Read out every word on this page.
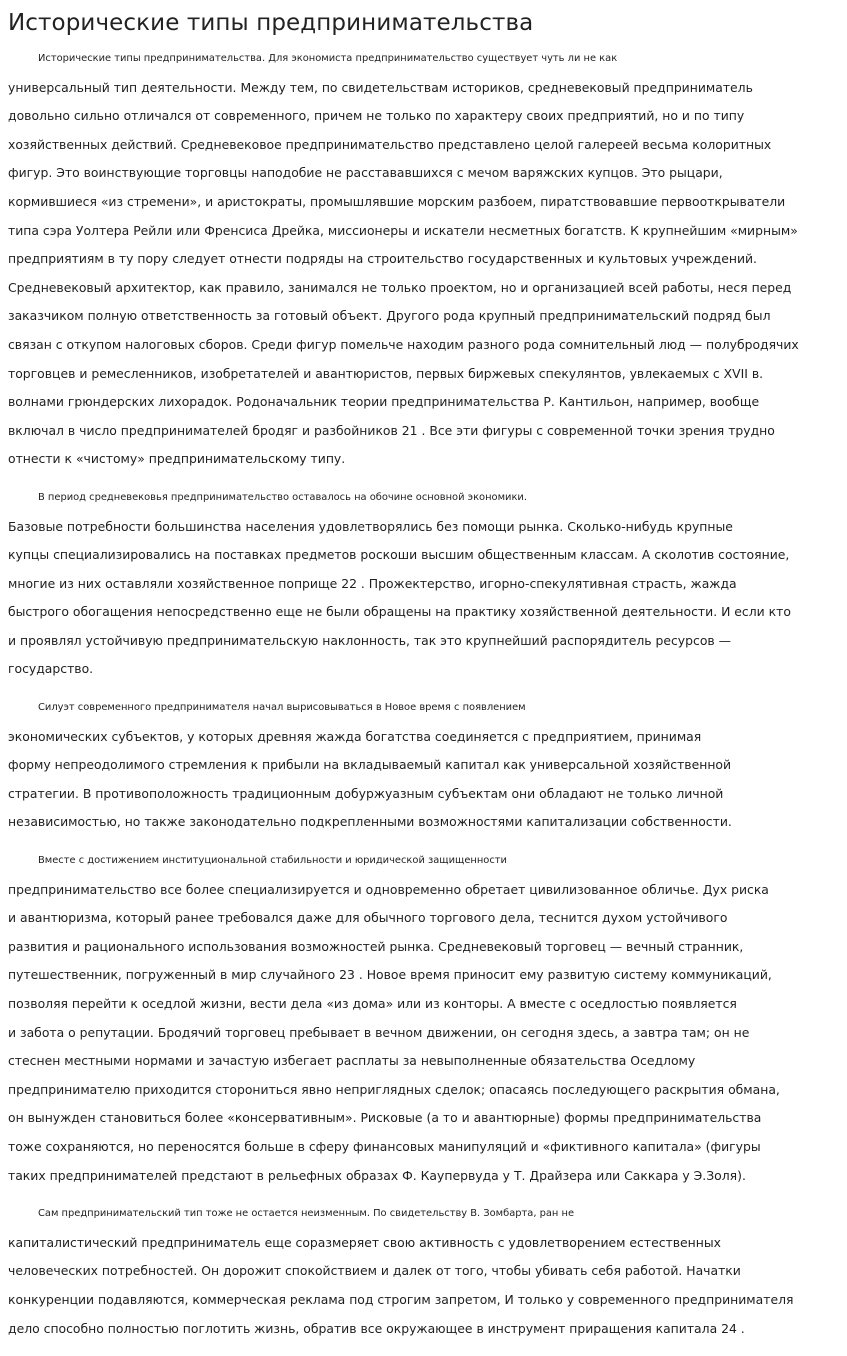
Исторические типы предпринимательства
Исторические типы предпринимательства. Для экономиста предпринимательство существует чуть ли не как
универсальный тип деятельности. Между тем, по свидетельствам историков, средневековый предприниматель
довольно сильно отличался от современного, причем не только по характеру своих предприятий, но и по типу
хозяйственных действий. Средневековое предпринимательство представлено целой галереей весьма колоритных
фигур. Это воинствующие торговцы наподобие не расстававшихся с мечом варяжских купцов. Это рыцари,
кормившиеся «из стремени», и аристократы, промышлявшие морским разбоем, пиратствовавшие первооткрыватели
типа сэра Уолтера Рейли или Френсиса Дрейка, миссионеры и искатели несметных богатств. К крупнейшим «мирным»
предприятиям в ту пору следует отнести подряды на строительство государственных и культовых учреждений.
Средневековый архитектор, как правило, занимался не только проектом, но и организацией всей работы, неся перед
заказчиком полную ответственность за готовый объект. Другого рода крупный предпринимательский подряд был
связан с откупом налоговых сборов. Среди фигур помельче находим разного рода сомнительный люд — полубродячих
торговцев и ремесленников, изобретателей и авантюристов, первых биржевых спекулянтов, увлекаемых с XVII в.
волнами грюндерских лихорадок. Родоначальник теории предпринимательства Р. Кантильон, например, вообще
включал в число предпринимателей бродяг и разбойников 21 . Все эти фигуры с современной точки зрения трудно
отнести к «чистому» предпринимательскому типу.
В период средневековья предпринимательство оставалось на обочине основной экономики.
Базовые потребности большинства населения удовлетворялись без помощи рынка. Сколько-нибудь крупные
купцы специализировались на поставках предметов роскоши высшим общественным классам. А сколотив состояние,
многие из них оставляли хозяйственное поприще 22 . Прожектерство, игорно-спекулятивная страсть, жажда
быстрого обогащения непосредственно еще не были обращены на практику хозяйственной деятельности. И если кто
и проявлял устойчивую предпринимательскую наклонность, так это крупнейший распорядитель ресурсов —
государство.
Силуэт современного предпринимателя начал вырисовываться в Новое время с появлением
экономических субъектов, у которых древняя жажда богатства соединяется с предприятием, принимая
форму непреодолимого стремления к прибыли на вкладываемый капитал как универсальной хозяйственной
стратегии. В противоположность традиционным добуржуазным субъектам они обладают не только личной
независимостью, но также законодательно подкрепленными возможностями капитализации собственности.
Вместе с достижением институциональной стабильности и юридической защищенности
предпринимательство все более специализируется и одновременно обретает цивилизованное обличье. Дух риска
и авантюризма, который ранее требовался даже для обычного торгового дела, теснится духом устойчивого
развития и рационального использования возможностей рынка. Средневековый торговец — вечный странник,
путешественник, погруженный в мир случайного 23 . Новое время приносит ему развитую систему коммуникаций,
позволяя перейти к оседлой жизни, вести дела «из дома» или из конторы. А вместе с оседлостью появляется
и забота о репутации. Бродячий торговец пребывает в вечном движении, он сегодня здесь, а завтра там; он не
стеснен местными нормами и зачастую избегает расплаты за невыполненные обязательства Оседлому
предпринимателю приходится сторониться явно неприглядных сделок; опасаясь последующего раскрытия обмана,
он вынужден становиться более «консервативным». Рисковые (а то и авантюрные) формы предпринимательства
тоже сохраняются, но переносятся больше в сферу финансовых манипуляций и «фиктивного капитала» (фигуры
таких предпринимателей предстают в рельефных образах Ф. Каупервуда у Т. Драйзера или Саккара у Э.Золя).
Сам предпринимательский тип тоже не остается неизменным. По свидетельству В. Зомбарта, ран не
капиталистический предприниматель еще соразмеряет свою активность с удовлетворением естественных
человеческих потребностей. Он дорожит спокойствием и далек от того, чтобы убивать себя работой. Начатки
конкуренции подавляются, коммерческая реклама под строгим запретом, И только у современного предпринимателя
дело способно полностью поглотить жизнь, обратив все окружающее в инструмент приращения капитала 24 .
